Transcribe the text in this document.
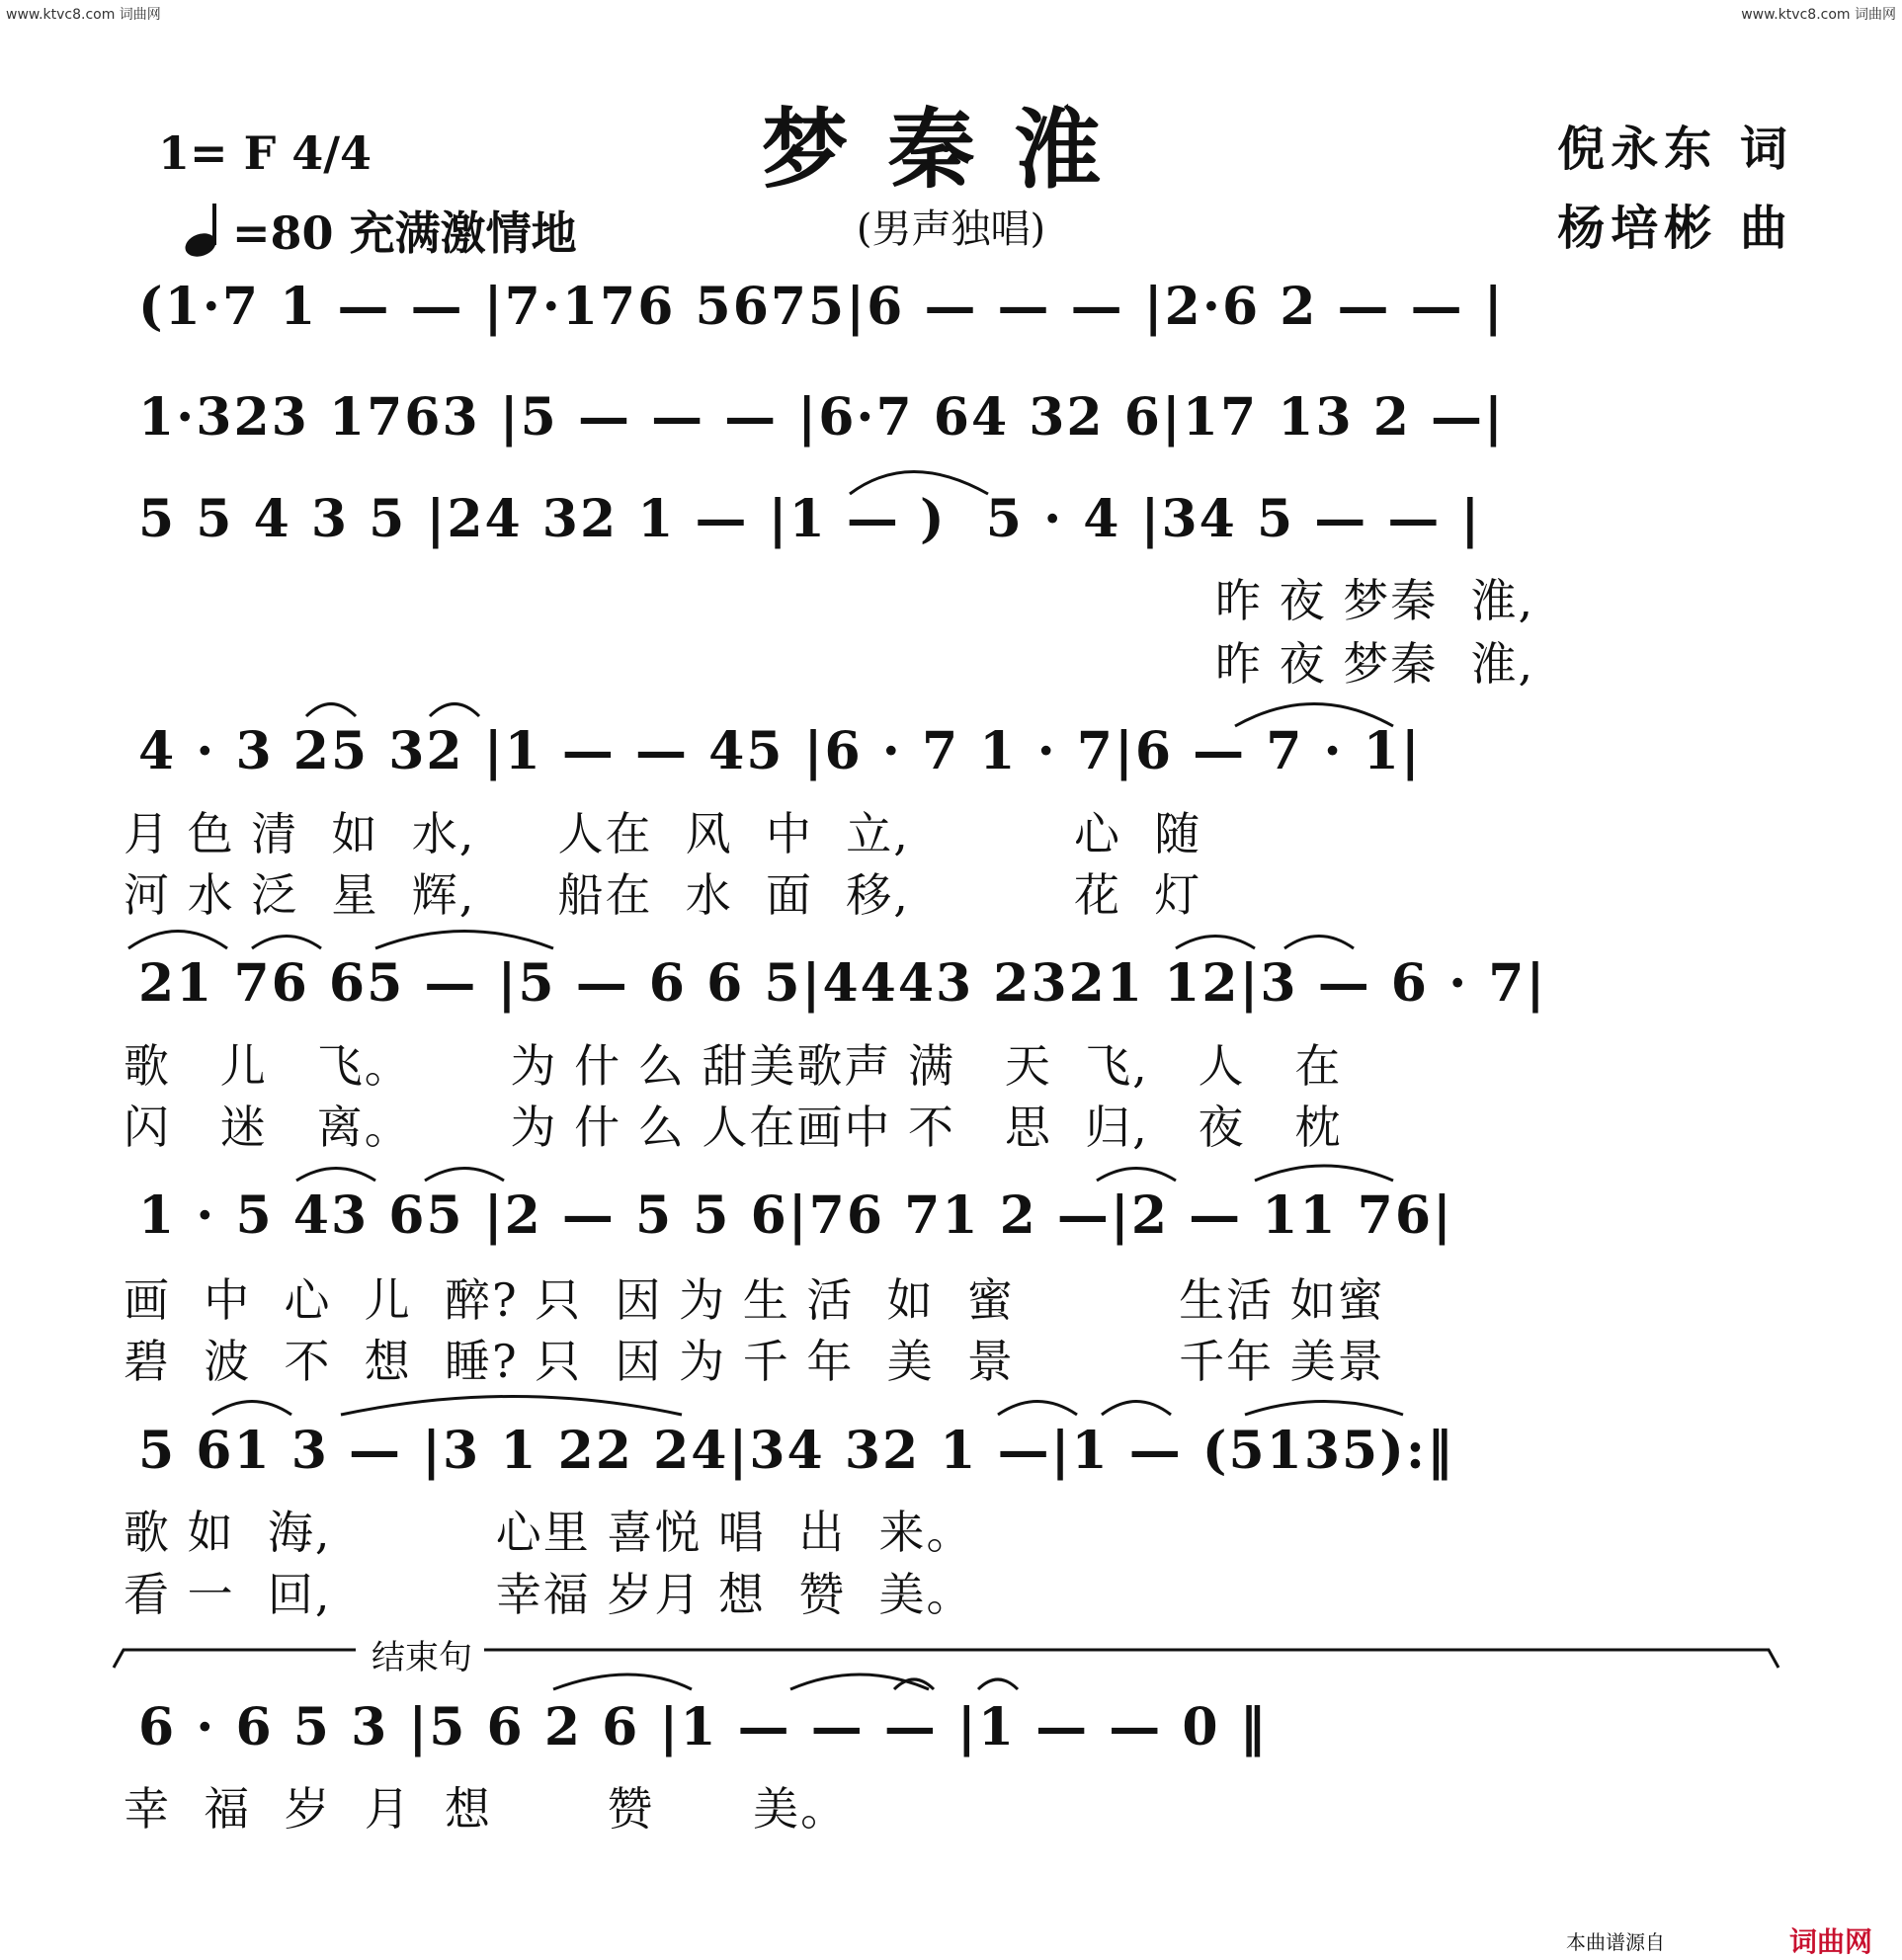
www.ktvc8.com 词曲网	www.ktvc8.com 词曲网
梦秦淮
1= F 4/4
=80 充满激情地	(男声独唱)
倪永东 词
杨培彬 曲
(1·7 1 — — |7·176 5675|6 — — — |2·6 2 — — |
1·323 1763 |5 — — — |6·7 64 32 6|17 13 2 —|
5 5 4 3 5 |24 32 1 — |1 — )  5 · 4 |34 5 — — |
昨 夜 梦秦  淮,
昨 夜 梦秦  淮,
4 · 3 25 32 |1 — — 45 |6 · 7 1 · 7|6 — 7 · 1|
月 色 清  如  水,     人在  风  中  立,          心  随
河 水 泛  星  辉,     船在  水  面  移,          花  灯
21 76 65 — |5 — 6 6 5|4443 2321 12|3 — 6 · 7|
歌   儿   飞。      为 什 么 甜美歌声 满   天  飞,   人   在
闪   迷   离。      为 什 么 人在画中 不   思  归,   夜   枕
1 · 5 43 65 |2 — 5 5 6|76 71 2 —|2 — 11 76|
画  中  心  儿  醉? 只  因 为 生 活  如  蜜          生活 如蜜
碧  波  不  想  睡? 只  因 为 千 年  美  景          千年 美景
5 61 3 — |3 1 22 24|34 32 1 —|1 — (5135):‖
歌 如  海,          心里 喜悦 唱  出  来。
看 一  回,          幸福 岁月 想  赞  美。
结束句
6 · 6 5 3 |5 6 2 6 |1 — — — |1 — — 0 ‖
幸  福  岁  月  想       赞      美。
本曲谱源自	词曲网
